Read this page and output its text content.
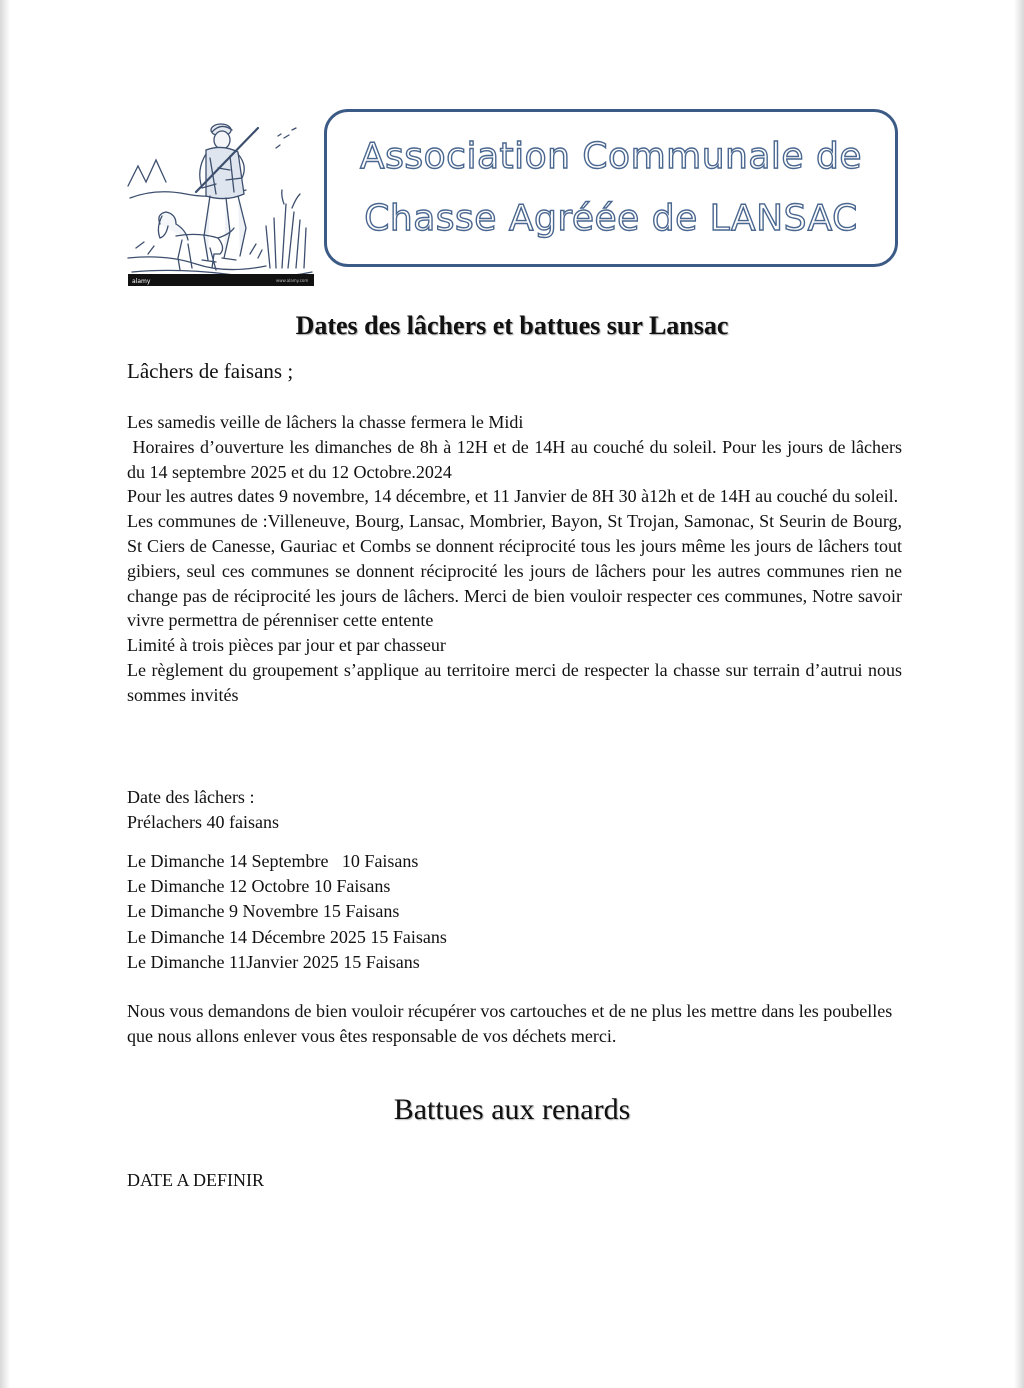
alamy	www.alamy.com
Association Communale de
Chasse Agréée de LANSAC
Dates des lâchers et battues sur Lansac
Lâchers de faisans ;

Les samedis veille de lâchers la chasse fermera le Midi

Horaires d’ouverture les dimanches de 8h à 12H et de 14H au couché du soleil. Pour les jours de lâchers du 14 septembre 2025 et du 12 Octobre.2024

Pour les autres dates 9 novembre, 14 décembre, et 11 Janvier de 8H 30 à12h et de 14H au couché du soleil.

Les communes de :Villeneuve, Bourg, Lansac, Mombrier, Bayon, St Trojan, Samonac, St Seurin de Bourg, St Ciers de Canesse, Gauriac et Combs se donnent réciprocité tous les jours même les jours de lâchers tout gibiers, seul ces communes se donnent réciprocité les jours de lâchers pour les autres communes rien ne change pas de réciprocité les jours de lâchers. Merci de bien vouloir respecter ces communes, Notre savoir vivre permettra de pérenniser cette entente

Limité à trois pièces par jour et par chasseur

Le règlement du groupement s’applique au territoire merci de respecter la chasse sur terrain d’autrui nous sommes invités

Date des lâchers :

Prélachers 40 faisans

Le Dimanche 14 Septembre   10 Faisans
Le Dimanche 12 Octobre 10 Faisans
Le Dimanche 9 Novembre 15 Faisans
Le Dimanche 14 Décembre 2025 15 Faisans
Le Dimanche 11Janvier 2025 15 Faisans
Nous vous demandons de bien vouloir récupérer vos cartouches et de ne plus les mettre dans les poubelles que nous allons enlever vous êtes responsable de vos déchets merci.
Battues aux renards
DATE A DEFINIR
